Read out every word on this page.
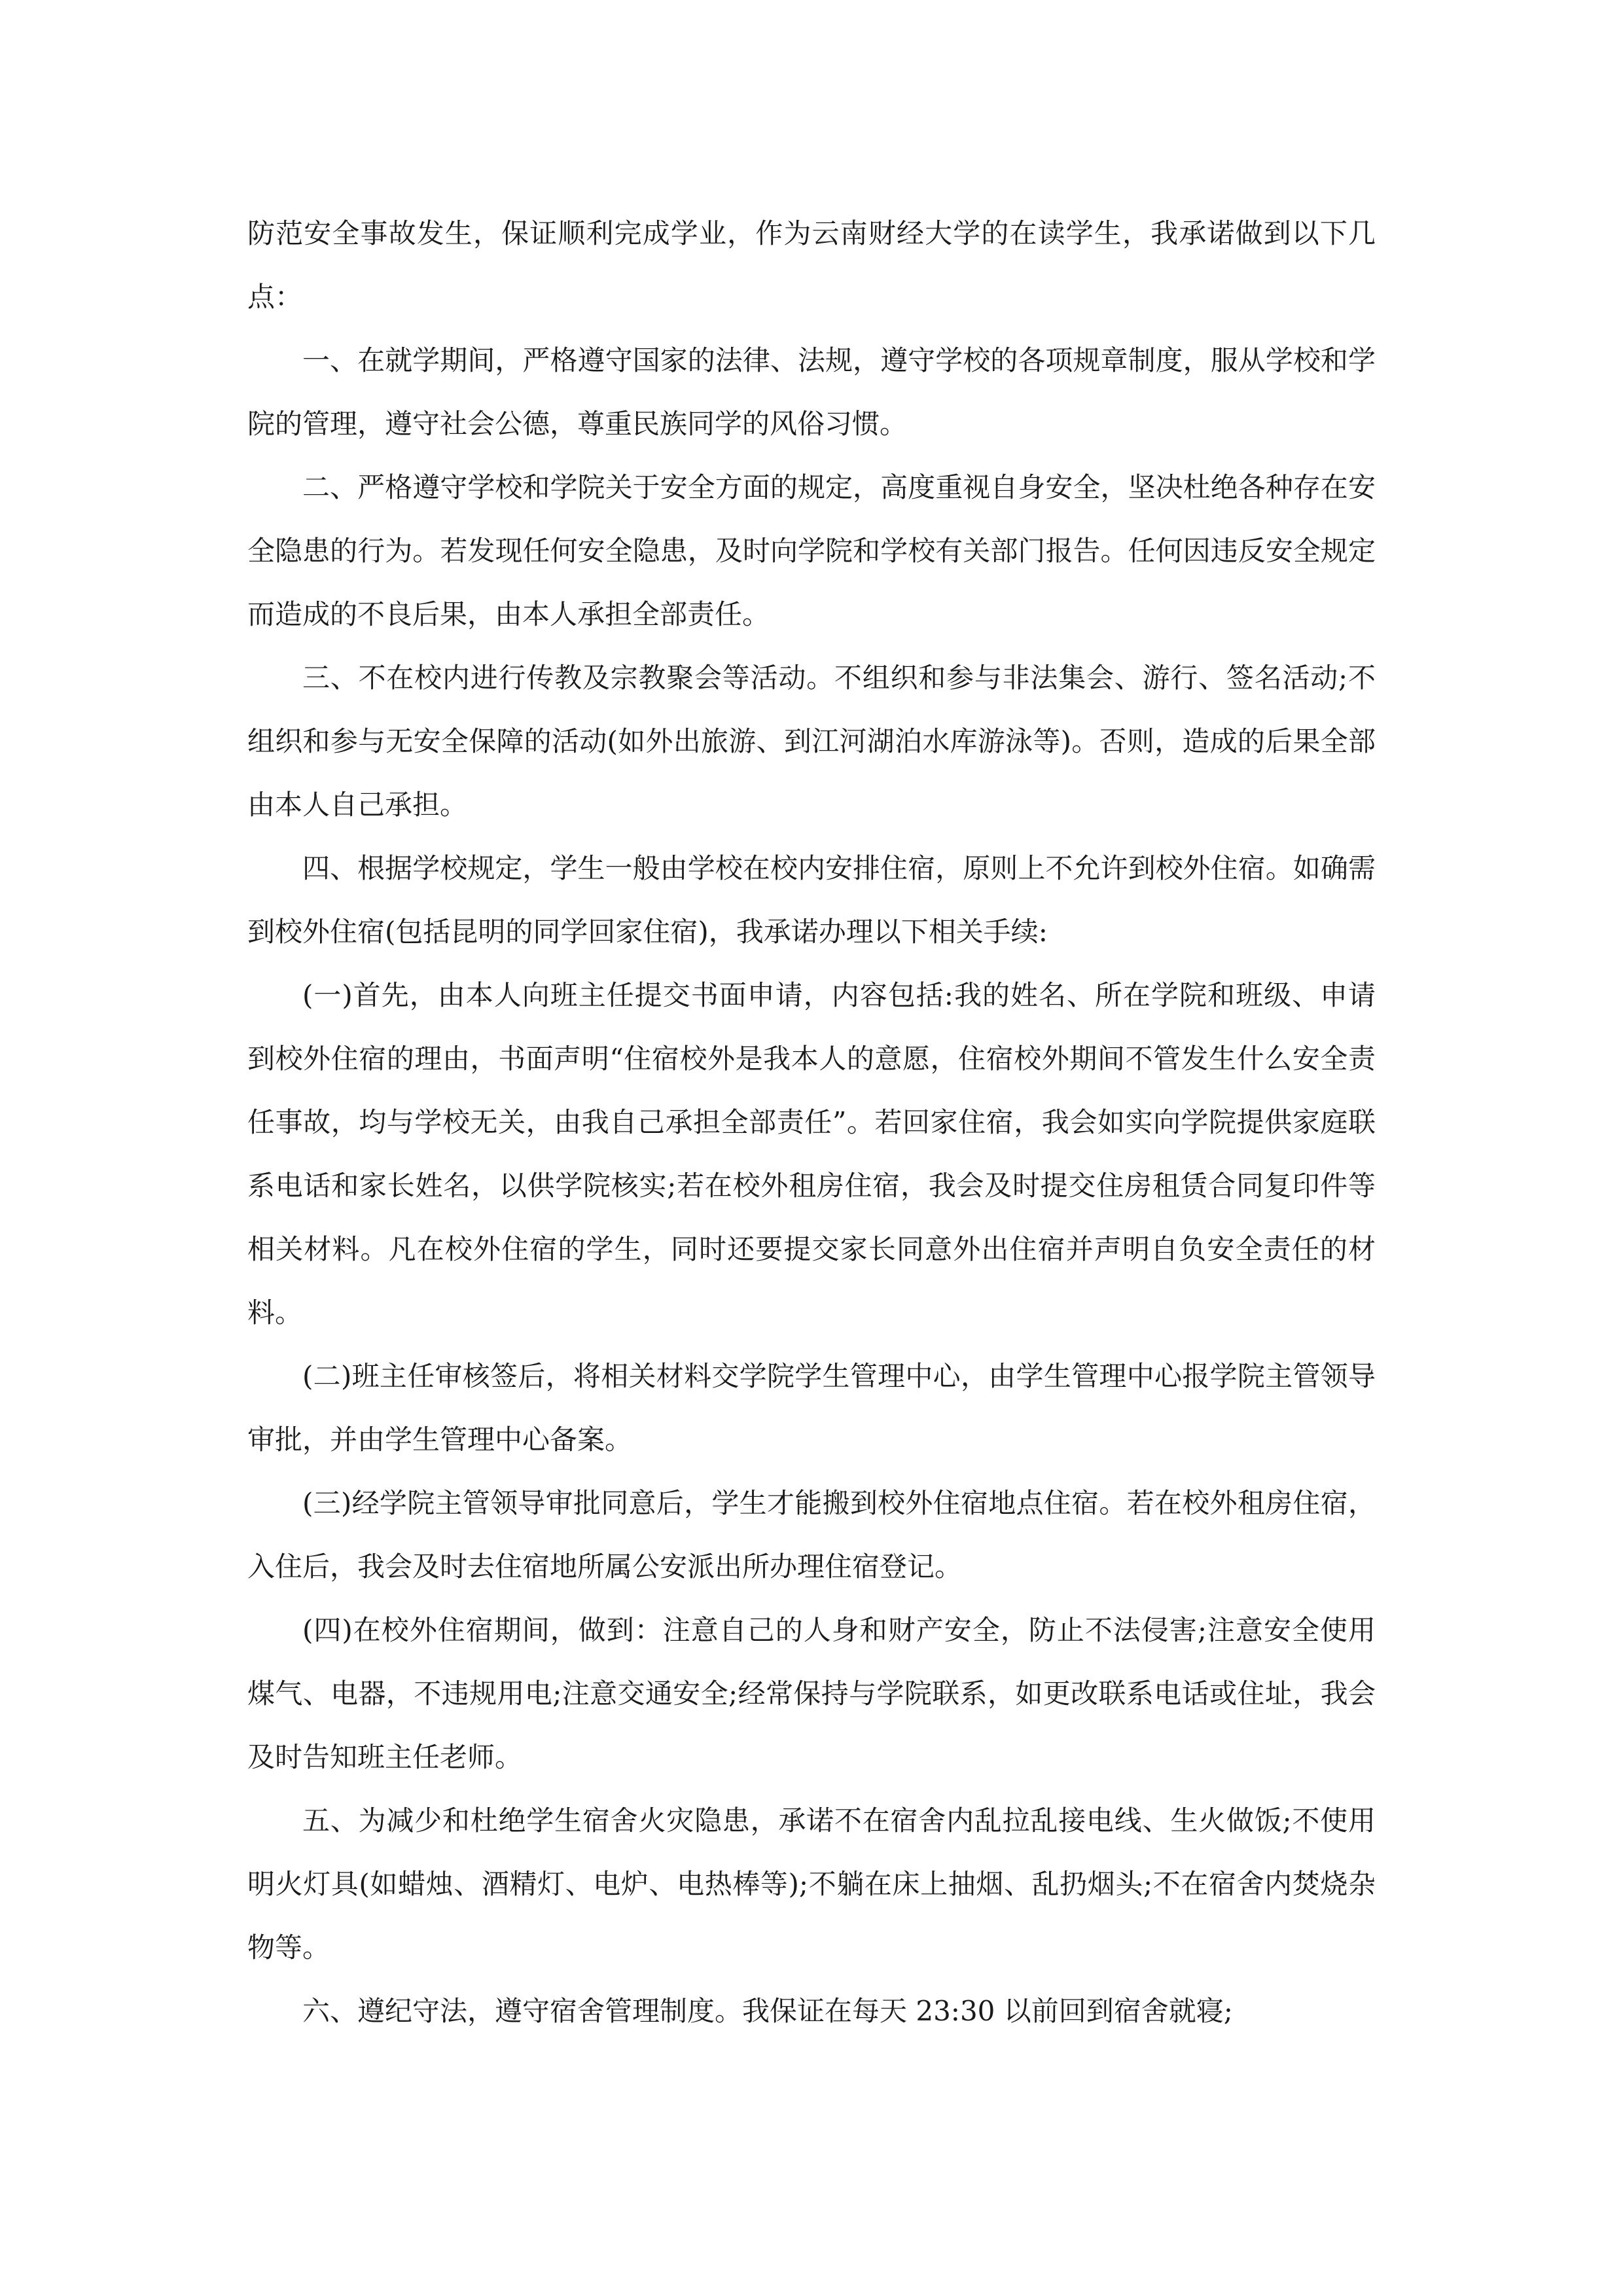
防范安全事故发生，保证顺利完成学业，作为云南财经大学的在读学生，我承诺做到以下几点：

一、在就学期间，严格遵守国家的法律、法规，遵守学校的各项规章制度，服从学校和学院的管理，遵守社会公德，尊重民族同学的风俗习惯。

二、严格遵守学校和学院关于安全方面的规定，高度重视自身安全，坚决杜绝各种存在安全隐患的行为。若发现任何安全隐患，及时向学院和学校有关部门报告。任何因违反安全规定而造成的不良后果，由本人承担全部责任。

三、不在校内进行传教及宗教聚会等活动。不组织和参与非法集会、游行、签名活动;不组织和参与无安全保障的活动(如外出旅游、到江河湖泊水库游泳等)。否则，造成的后果全部由本人自己承担。

四、根据学校规定，学生一般由学校在校内安排住宿，原则上不允许到校外住宿。如确需到校外住宿(包括昆明的同学回家住宿)，我承诺办理以下相关手续:

(一)首先，由本人向班主任提交书面申请，内容包括:我的姓名、所在学院和班级、申请到校外住宿的理由，书面声明“住宿校外是我本人的意愿，住宿校外期间不管发生什么安全责任事故，均与学校无关，由我自己承担全部责任”。若回家住宿，我会如实向学院提供家庭联系电话和家长姓名，以供学院核实;若在校外租房住宿，我会及时提交住房租赁合同复印件等相关材料。凡在校外住宿的学生，同时还要提交家长同意外出住宿并声明自负安全责任的材料。

(二)班主任审核签后，将相关材料交学院学生管理中心，由学生管理中心报学院主管领导审批，并由学生管理中心备案。

(三)经学院主管领导审批同意后，学生才能搬到校外住宿地点住宿。若在校外租房住宿，入住后，我会及时去住宿地所属公安派出所办理住宿登记。

(四)在校外住宿期间，做到：注意自己的人身和财产安全，防止不法侵害;注意安全使用煤气、电器，不违规用电;注意交通安全;经常保持与学院联系，如更改联系电话或住址，我会及时告知班主任老师。

五、为减少和杜绝学生宿舍火灾隐患，承诺不在宿舍内乱拉乱接电线、生火做饭;不使用明火灯具(如蜡烛、酒精灯、电炉、电热棒等);不躺在床上抽烟、乱扔烟头;不在宿舍内焚烧杂物等。

六、遵纪守法，遵守宿舍管理制度。我保证在每天 23:30 以前回到宿舍就寝;
